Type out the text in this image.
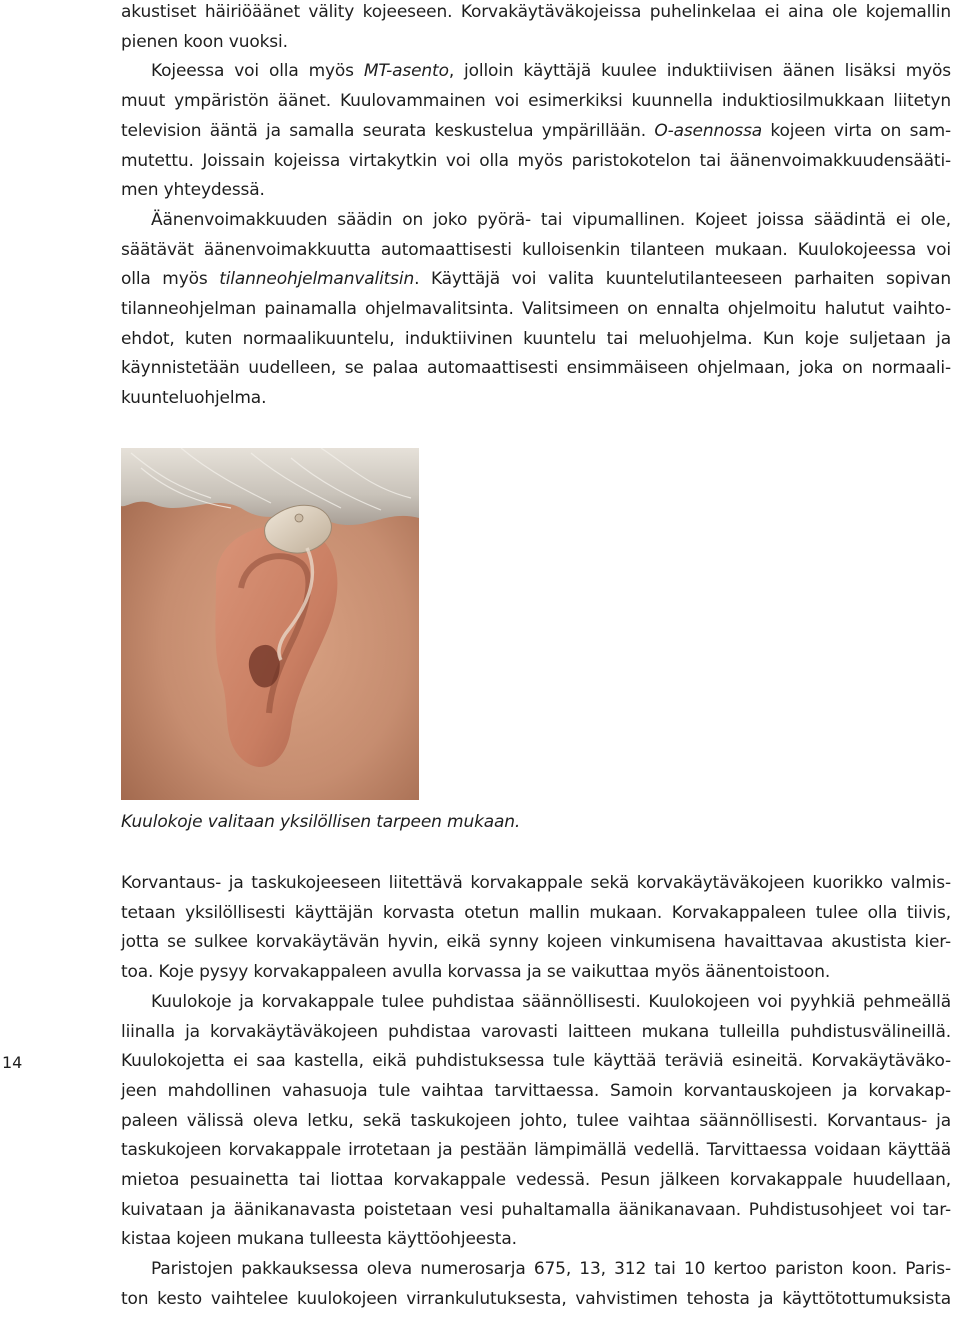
akustiset häiriöäänet välity kojeeseen. Korvakäytäväkojeissa puhelinkelaa ei aina ole kojemallin
pienen koon vuoksi.

Kojeessa voi olla myös MT-asento, jolloin käyttäjä kuulee induktiivisen äänen lisäksi myös
muut ympäristön äänet. Kuulovammainen voi esimerkiksi kuunnella induktiosilmukkaan liitetyn
television ääntä ja samalla seurata keskustelua ympärillään. O-asennossa kojeen virta on sam-
mutettu. Joissain kojeissa virtakytkin voi olla myös paristokotelon tai äänenvoimakkuudensääti-
men yhteydessä.

Äänenvoimakkuuden säädin on joko pyörä- tai vipumallinen. Kojeet joissa säädintä ei ole,
säätävät äänenvoimakkuutta automaattisesti kulloisenkin tilanteen mukaan. Kuulokojeessa voi
olla myös tilanneohjelmanvalitsin. Käyttäjä voi valita kuuntelutilanteeseen parhaiten sopivan
tilanneohjelman painamalla ohjelmavalitsinta. Valitsimeen on ennalta ohjelmoitu halutut vaihto-
ehdot, kuten normaalikuuntelu, induktiivinen kuuntelu tai meluohjelma. Kun koje suljetaan ja
käynnistetään uudelleen, se palaa automaattisesti ensimmäiseen ohjelmaan, joka on normaali-
kuunteluohjelma.

Kuulokoje valitaan yksilöllisen tarpeen mukaan.

Korvantaus- ja taskukojeeseen liitettävä korvakappale sekä korvakäytäväkojeen kuorikko valmis-
tetaan yksilöllisesti käyttäjän korvasta otetun mallin mukaan. Korvakappaleen tulee olla tiivis,
jotta se sulkee korvakäytävän hyvin, eikä synny kojeen vinkumisena havaittavaa akustista kier-
toa. Koje pysyy korvakappaleen avulla korvassa ja se vaikuttaa myös äänentoistoon.

Kuulokoje ja korvakappale tulee puhdistaa säännöllisesti. Kuulokojeen voi pyyhkiä pehmeällä
liinalla ja korvakäytäväkojeen puhdistaa varovasti laitteen mukana tulleilla puhdistusvälineillä.
Kuulokojetta ei saa kastella, eikä puhdistuksessa tule käyttää teräviä esineitä. Korvakäytäväko-
jeen mahdollinen vahasuoja tule vaihtaa tarvittaessa. Samoin korvantauskojeen ja korvakap-
paleen välissä oleva letku, sekä taskukojeen johto, tulee vaihtaa säännöllisesti. Korvantaus- ja
taskukojeen korvakappale irrotetaan ja pestään lämpimällä vedellä. Tarvittaessa voidaan käyttää
mietoa pesuainetta tai liottaa korvakappale vedessä. Pesun jälkeen korvakappale huudellaan,
kuivataan ja äänikanavasta poistetaan vesi puhaltamalla äänikanavaan. Puhdistusohjeet voi tar-
kistaa kojeen mukana tulleesta käyttöohjeesta.

Paristojen pakkauksessa oleva numerosarja 675, 13, 312 tai 10 kertoo pariston koon. Paris-
ton kesto vaihtelee kuulokojeen virrankulutuksesta, vahvistimen tehosta ja käyttötottumuksista

14
